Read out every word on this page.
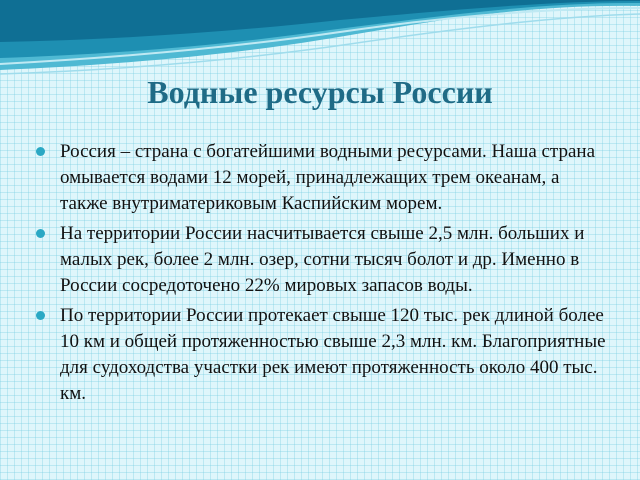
Водные ресурсы России

Россия – страна с богатейшими водными ресурсами. Наша страна омывается водами 12 морей, принадлежащих трем океанам, а также внутриматериковым Каспийским морем.

На территории России насчитывается свыше 2,5 млн. больших и малых рек, более 2 млн. озер, сотни тысяч болот и др. Именно в России сосредоточено 22% мировых запасов воды.

По территории России протекает свыше 120 тыс. рек длиной более 10 км и общей протяженностью свыше 2,3 млн. км. Благоприятные для судоходства участки рек имеют протяженность около 400 тыс. км.
